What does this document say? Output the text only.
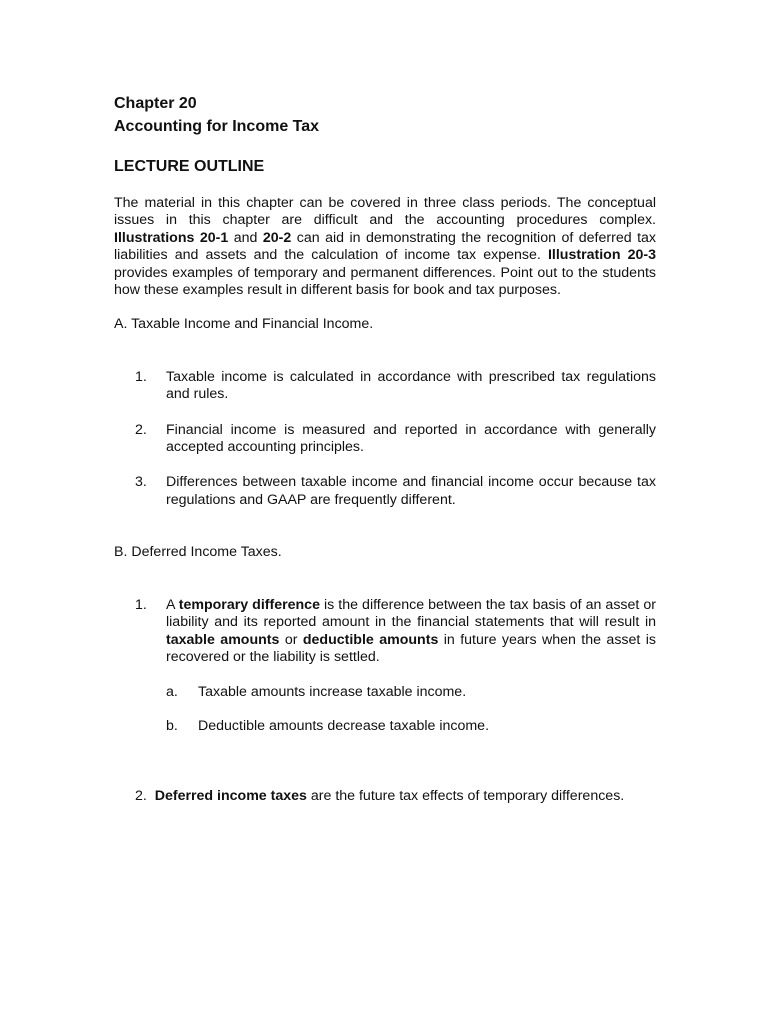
Chapter 20

Accounting for Income Tax

LECTURE OUTLINE

The material in this chapter can be covered in three class periods. The conceptual issues in this chapter are difficult and the accounting procedures complex. Illustrations 20-1 and 20-2 can aid in demonstrating the recognition of deferred tax liabilities and assets and the calculation of income tax expense. Illustration 20-3 provides examples of temporary and permanent differences. Point out to the students how these examples result in different basis for book and tax purposes.

A. Taxable Income and Financial Income.

1. Taxable income is calculated in accordance with prescribed tax regulations and rules.

2. Financial income is measured and reported in accordance with generally accepted accounting principles.

3. Differences between taxable income and financial income occur because tax regulations and GAAP are frequently different.

B. Deferred Income Taxes.

1. A temporary difference is the difference between the tax basis of an asset or liability and its reported amount in the financial statements that will result in taxable amounts or deductible amounts in future years when the asset is recovered or the liability is settled.

a. Taxable amounts increase taxable income.

b. Deductible amounts decrease taxable income.

2. Deferred income taxes are the future tax effects of temporary differences.
